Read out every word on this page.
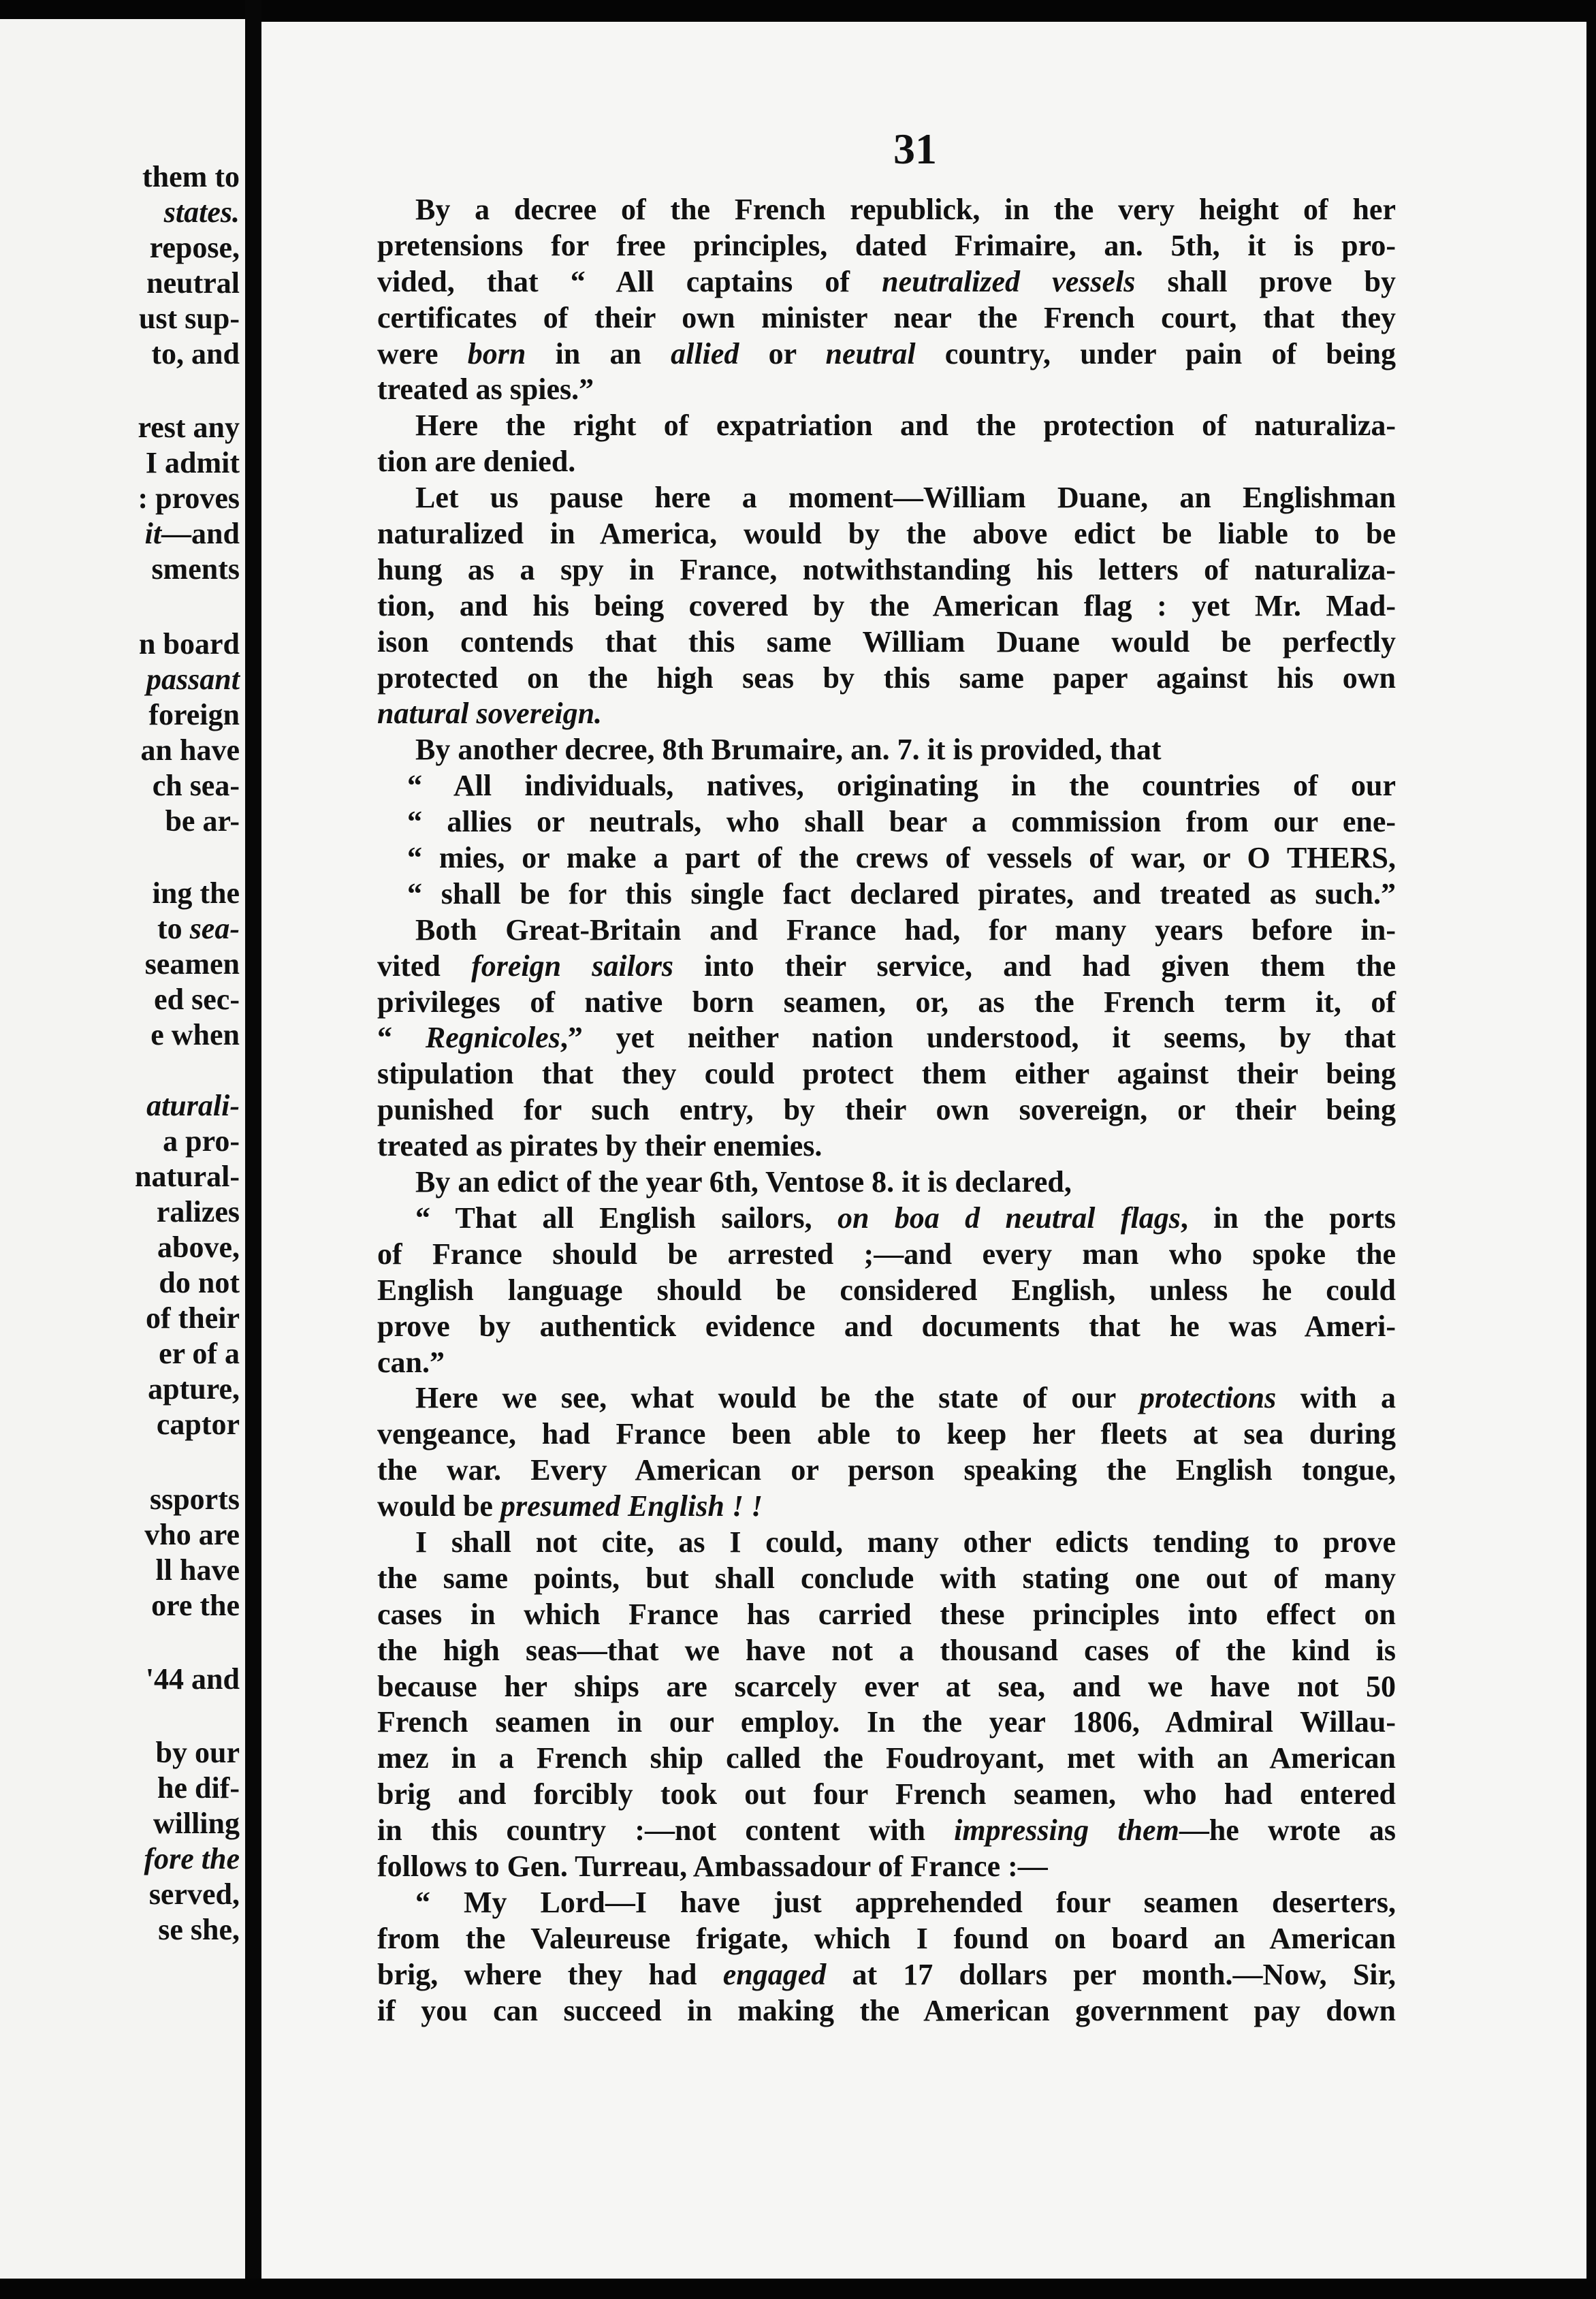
them to
states.
repose,
neutral
ust sup-
to, and
rest any
I admit
: proves
it—and
sments
n board
passant
foreign
an have
ch sea-
be ar-
ing the
to sea-
seamen
ed sec-
e when
aturali-
a pro-
natural-
ralizes
above,
do not
of their
er of a
apture,
captor
ssports
vho are
ll have
ore the
'44 and
by our
he dif-
willing
fore the
served,
se she,
31
By a decree of the French republick, in the very height of her
pretensions for free principles, dated Frimaire, an. 5th, it is pro-
vided, that “ All captains of neutralized vessels shall prove by
certificates of their own minister near the French court, that they
were born in an allied or neutral country, under pain of being
treated as spies.”
Here the right of expatriation and the protection of naturaliza-
tion are denied.
Let us pause here a moment—William Duane, an Englishman
naturalized in America, would by the above edict be liable to be
hung as a spy in France, notwithstanding his letters of naturaliza-
tion, and his being covered by the American flag : yet Mr. Mad-
ison contends that this same William Duane would be perfectly
protected on the high seas by this same paper against his own
natural sovereign.
By another decree, 8th Brumaire, an. 7. it is provided, that
“ All individuals, natives, originating in the countries of our
“ allies or neutrals, who shall bear a commission from our ene-
“ mies, or make a part of the crews of vessels of war, or O THERS,
“ shall be for this single fact declared pirates, and treated as such.”
Both Great-Britain and France had, for many years before in-
vited foreign sailors into their service, and had given them the
privileges of native born seamen, or, as the French term it, of
“ Regnicoles,” yet neither nation understood, it seems, by that
stipulation that they could protect them either against their being
punished for such entry, by their own sovereign, or their being
treated as pirates by their enemies.
By an edict of the year 6th, Ventose 8. it is declared,
“ That all English sailors, on boa d neutral flags, in the ports
of France should be arrested ;—and every man who spoke the
English language should be considered English, unless he could
prove by authentick evidence and documents that he was Ameri-
can.”
Here we see, what would be the state of our protections with a
vengeance, had France been able to keep her fleets at sea during
the war. Every American or person speaking the English tongue,
would be presumed English ! !
I shall not cite, as I could, many other edicts tending to prove
the same points, but shall conclude with stating one out of many
cases in which France has carried these principles into effect on
the high seas—that we have not a thousand cases of the kind is
because her ships are scarcely ever at sea, and we have not 50
French seamen in our employ. In the year 1806, Admiral Willau-
mez in a French ship called the Foudroyant, met with an American
brig and forcibly took out four French seamen, who had entered
in this country :—not content with impressing them—he wrote as
follows to Gen. Turreau, Ambassadour of France :—
“ My Lord—I have just apprehended four seamen deserters,
from the Valeureuse frigate, which I found on board an American
brig, where they had engaged at 17 dollars per month.—Now, Sir,
if you can succeed in making the American government pay down
